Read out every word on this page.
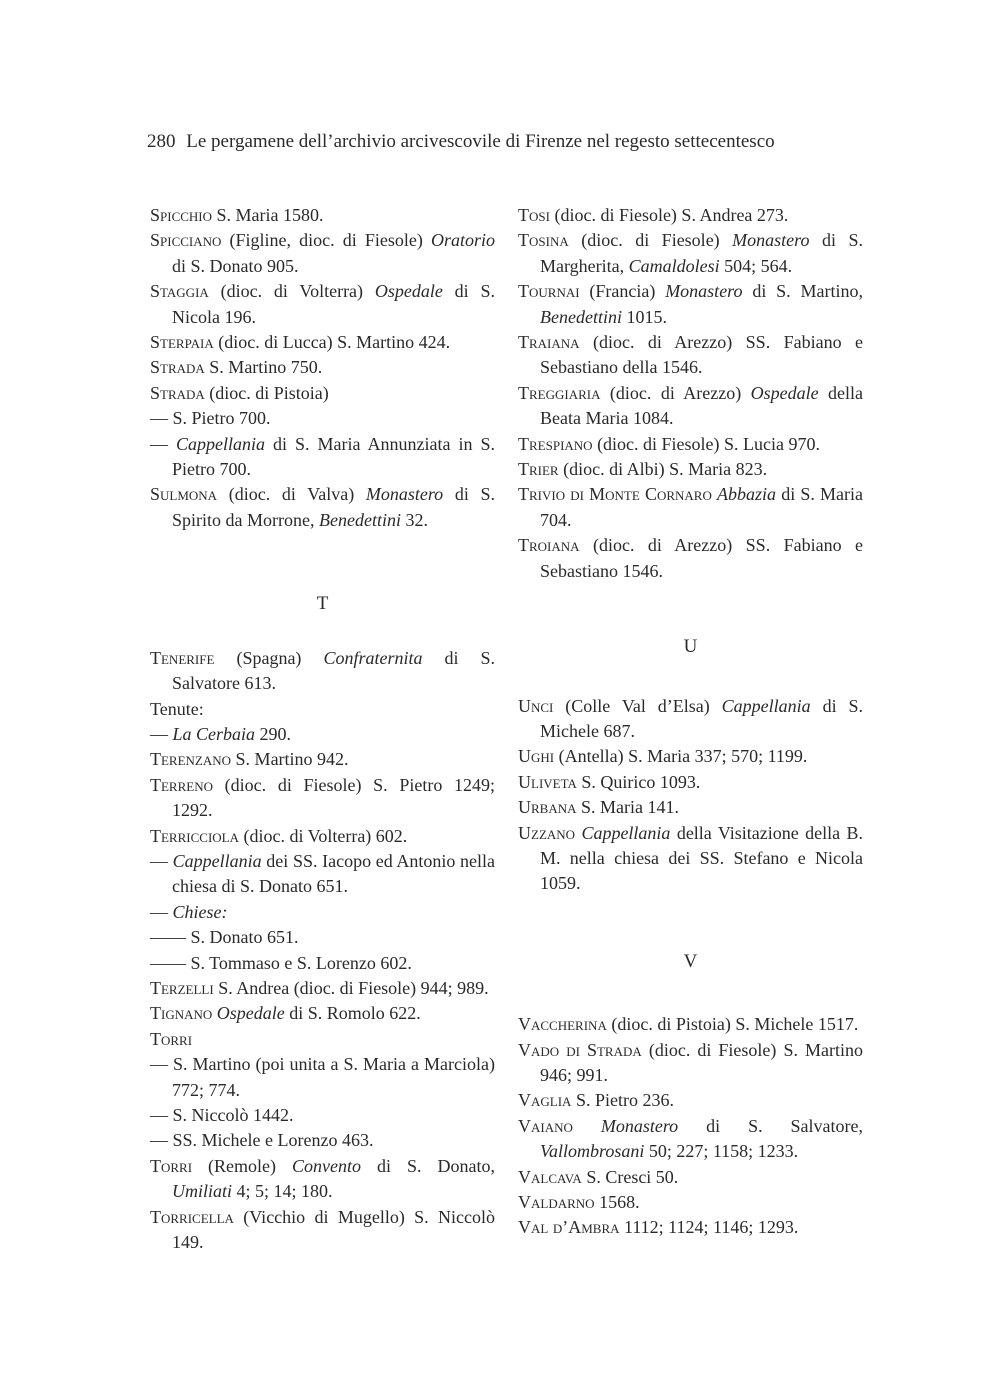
280 Le pergamene dell’archivio arcivescovile di Firenze nel regesto settecentesco
Spicchio S. Maria 1580.
Spicciano (Figline, dioc. di Fiesole) Oratorio di S. Donato 905.
Staggia (dioc. di Volterra) Ospedale di S. Nicola 196.
Sterpaia (dioc. di Lucca) S. Martino 424.
Strada S. Martino 750.
Strada (dioc. di Pistoia)
— S. Pietro 700.
— Cappellania di S. Maria Annunziata in S. Pietro 700.
Sulmona (dioc. di Valva) Monastero di S. Spirito da Morrone, Benedettini 32.
T
Tenerife (Spagna) Confraternita di S. Salvatore 613.
Tenute:
— La Cerbaia 290.
Terenzano S. Martino 942.
Terreno (dioc. di Fiesole) S. Pietro 1249; 1292.
Terricciola (dioc. di Volterra) 602.
— Cappellania dei SS. Iacopo ed Antonio nella chiesa di S. Donato 651.
— Chiese:
—— S. Donato 651.
—— S. Tommaso e S. Lorenzo 602.
Terzelli S. Andrea (dioc. di Fiesole) 944; 989.
Tignano Ospedale di S. Romolo 622.
Torri
— S. Martino (poi unita a S. Maria a Marciola) 772; 774.
— S. Niccolò 1442.
— SS. Michele e Lorenzo 463.
Torri (Remole) Convento di S. Donato, Umiliati 4; 5; 14; 180.
Torricella (Vicchio di Mugello) S. Niccolò 149.
Tosi (dioc. di Fiesole) S. Andrea 273.
Tosina (dioc. di Fiesole) Monastero di S. Margherita, Camaldolesi 504; 564.
Tournai (Francia) Monastero di S. Martino, Benedettini 1015.
Traiana (dioc. di Arezzo) SS. Fabiano e Sebastiano della 1546.
Treggiaria (dioc. di Arezzo) Ospedale della Beata Maria 1084.
Trespiano (dioc. di Fiesole) S. Lucia 970.
Trier (dioc. di Albi) S. Maria 823.
Trivio di Monte Cornaro Abbazia di S. Maria 704.
Troiana (dioc. di Arezzo) SS. Fabiano e Sebastiano 1546.
U
Unci (Colle Val d’Elsa) Cappellania di S. Michele 687.
Ughi (Antella) S. Maria 337; 570; 1199.
Uliveta S. Quirico 1093.
Urbana S. Maria 141.
Uzzano Cappellania della Visitazione della B. M. nella chiesa dei SS. Stefano e Nicola 1059.
V
Vaccherina (dioc. di Pistoia) S. Michele 1517.
Vado di Strada (dioc. di Fiesole) S. Martino 946; 991.
Vaglia S. Pietro 236.
Vaiano Monastero di S. Salvatore, Vallombrosani 50; 227; 1158; 1233.
Valcava S. Cresci 50.
Valdarno 1568.
Val d’Ambra 1112; 1124; 1146; 1293.
